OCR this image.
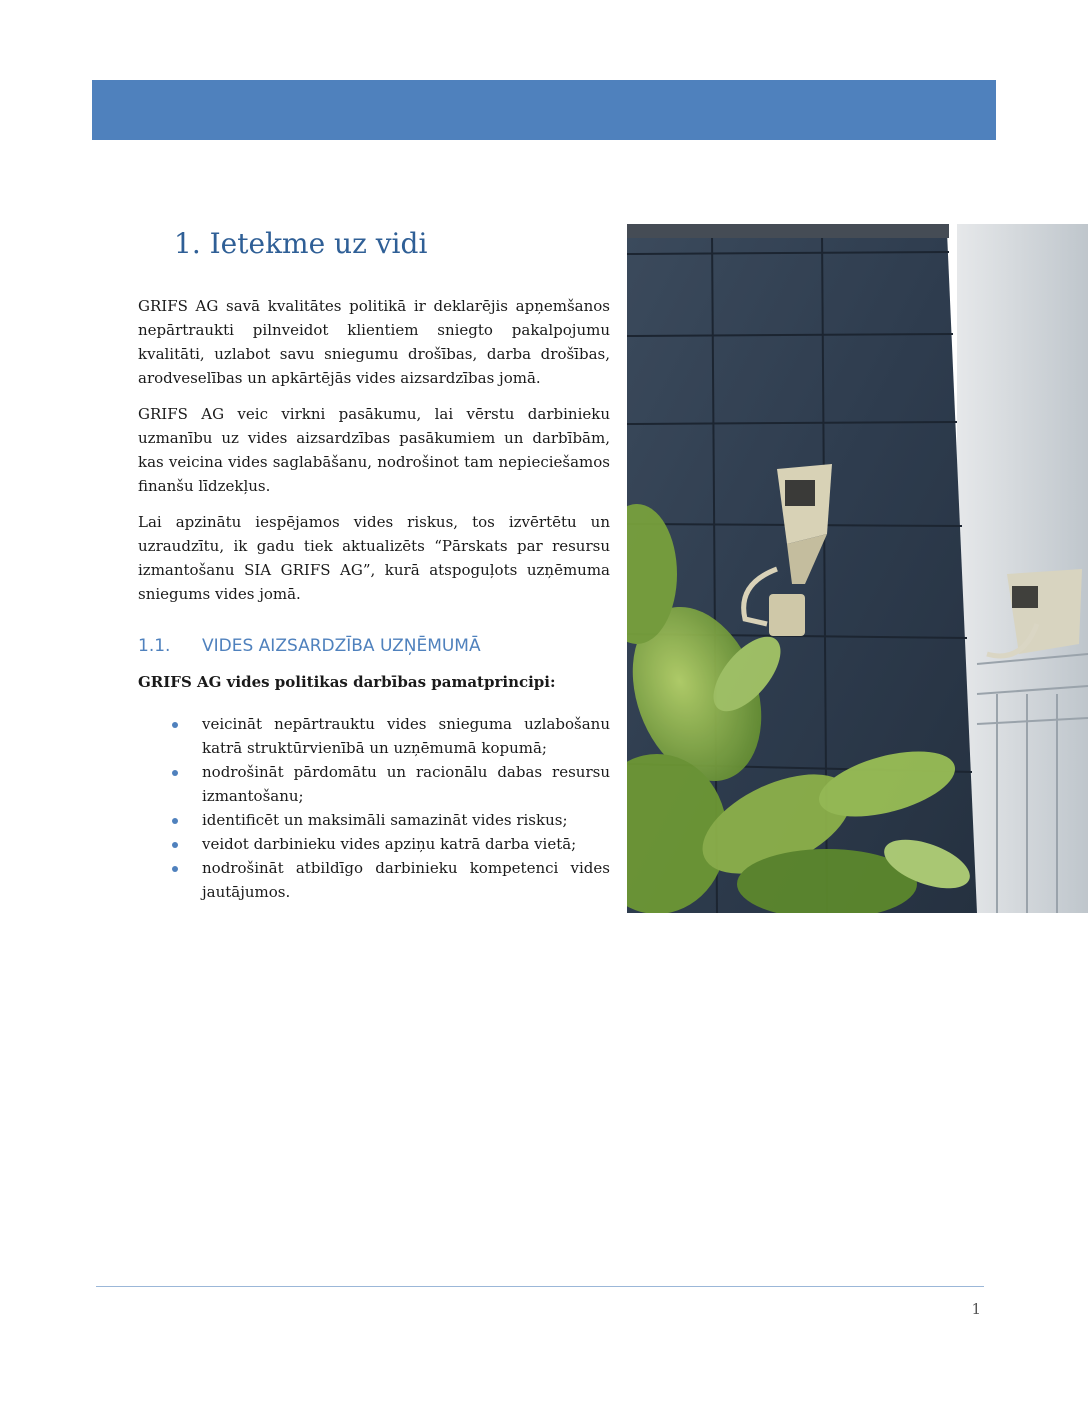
1. Ietekme uz vidi

GRIFS AG savā kvalitātes politikā ir deklarējis apņemšanos nepārtraukti pilnveidot klientiem sniegto pakalpojumu kvalitāti, uzlabot savu sniegumu drošības, darba drošības, arodveselības un apkārtējās vides aizsardzības jomā.

GRIFS AG veic virkni pasākumu, lai vērstu darbinieku uzmanību uz vides aizsardzības pasākumiem un darbībām, kas veicina vides saglabāšanu, nodrošinot tam nepieciešamos finanšu līdzekļus.

Lai apzinātu iespējamos vides riskus, tos izvērtētu un uzraudzītu, ik gadu tiek aktualizēts “Pārskats par resursu izmantošanu SIA GRIFS AG”, kurā atspoguļots uzņēmuma sniegums vides jomā.

1.1.	VIDES AIZSARDZĪBA UZŅĒMUMĀ

GRIFS AG vides politikas darbības pamatprincipi:

veicināt nepārtrauktu vides snieguma uzlabošanu katrā struktūrvienībā un uzņēmumā kopumā;
nodrošināt pārdomātu un racionālu dabas resursu izmantošanu;
identificēt un maksimāli samazināt vides riskus;
veidot darbinieku vides apziņu katrā darba vietā;
nodrošināt atbildīgo darbinieku kompetenci vides jautājumos.
1
